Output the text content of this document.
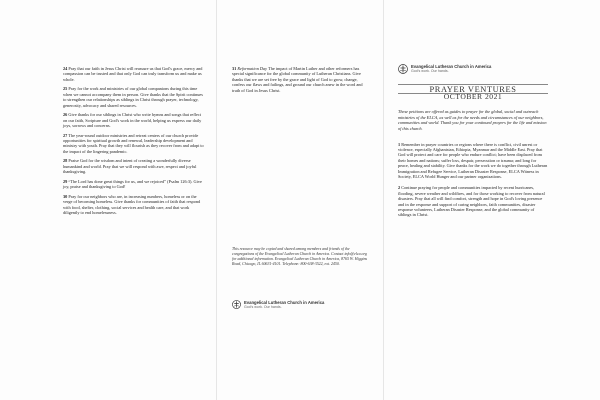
24 Pray that our faith in Jesus Christ will reassure us that God's grace, mercy and compassion can be trusted and that only God can truly transform us and make us whole.

25 Pray for the work and ministries of our global companions during this time when we cannot accompany them in person. Give thanks that the Spirit continues to strengthen our relationships as siblings in Christ through prayer, technology, generosity, advocacy and shared resources.

26 Give thanks for our siblings in Christ who write hymns and songs that reflect on our faith, Scripture and God's work in the world, helping us express our daily joys, sorrows and concerns.

27 The year-round outdoor ministries and retreat centers of our church provide opportunities for spiritual growth and renewal, leadership development and ministry with youth. Pray that they will flourish as they recover from and adapt to the impact of the lingering pandemic.

28 Praise God for the wisdom and intent of creating a wonderfully diverse humankind and world. Pray that we will respond with awe, respect and joyful thanksgiving.

29 “The Lord has done great things for us, and we rejoiced” (Psalm 126:3). Give joy, praise and thanksgiving to God!

30 Pray for our neighbors who are, in increasing numbers, homeless or on the verge of becoming homeless. Give thanks for communities of faith that respond with food, shelter, clothing, social services and health care, and that work diligently to end homelessness.

31 Reformation Day The impact of Martin Luther and other reformers has special significance for the global community of Lutheran Christians. Give thanks that we are set free by the grace and light of God to grow, change, confess our flaws and failings, and ground our church anew in the word and truth of God in Jesus Christ.

This resource may be copied and shared among members and friends of the congregations of the Evangelical Lutheran Church in America. Contact info@elca.org for additional information. Evangelical Lutheran Church in America, 8765 W. Higgins Road, Chicago, IL 60631-4101. Telephone: 800-638-3522, ext. 2450.
Evangelical Lutheran Church in America
God's work. Our hands.
Evangelical Lutheran Church in America
God's work. Our hands.
PRAYER VENTURES
OCTOBER 2021
These petitions are offered as guides to prayer for the global, social and outreach ministries of the ELCA, as well as for the needs and circumstances of our neighbors, communities and world. Thank you for your continued prayers for the life and mission of this church.

1 Remember in prayer countries or regions where there is conflict, civil unrest or violence, especially Afghanistan, Ethiopia, Myanmar and the Middle East. Pray that God will protect and care for people who endure conflict; have been displaced from their homes and nations; suffer loss, despair, persecution or trauma; and long for peace, healing and stability. Give thanks for the work we do together through Lutheran Immigration and Refugee Service, Lutheran Disaster Response, ELCA Witness in Society, ELCA World Hunger and our partner organizations.

2 Continue praying for people and communities impacted by recent hurricanes, flooding, severe weather and wildfires, and for those working to recover from natural disasters. Pray that all will find comfort, strength and hope in God's loving presence and in the response and support of caring neighbors, faith communities, disaster response volunteers, Lutheran Disaster Response, and the global community of siblings in Christ.
